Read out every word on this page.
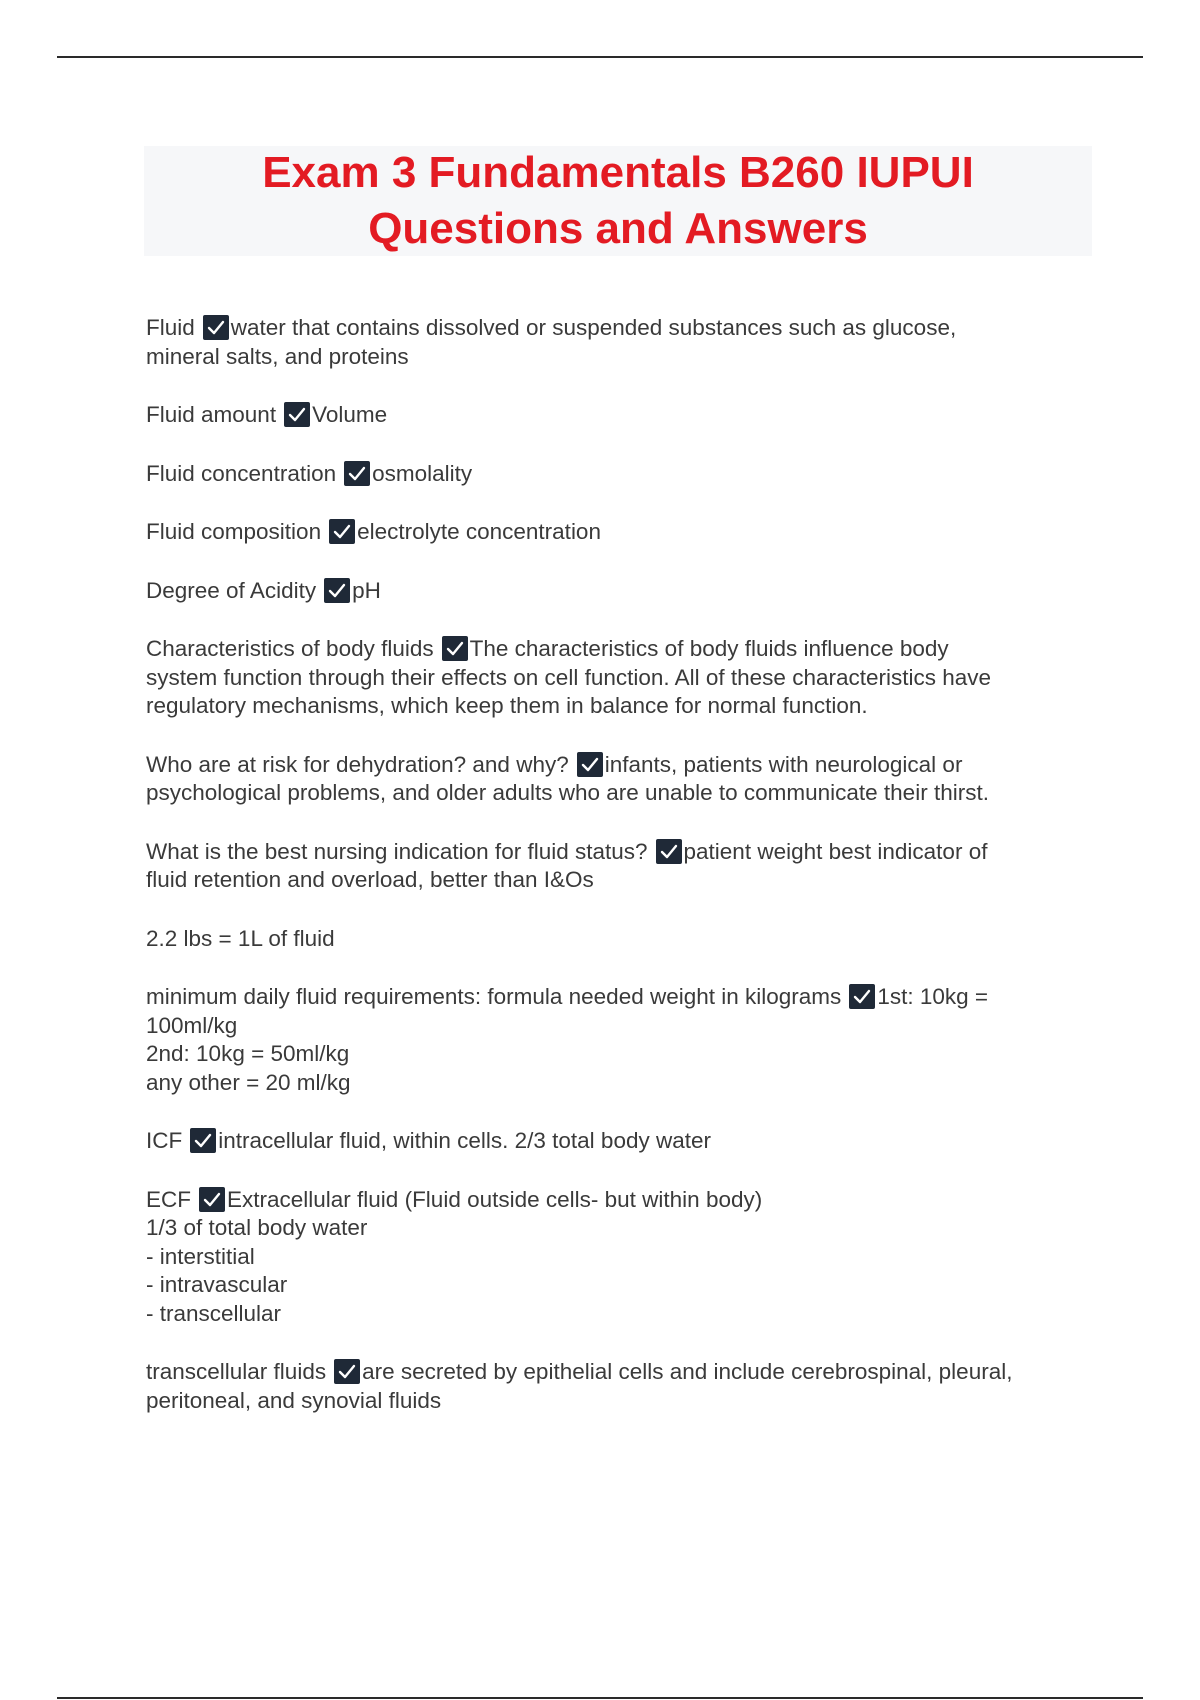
Exam 3 Fundamentals B260 IUPUI
Questions and Answers
Fluid water that contains dissolved or suspended substances such as glucose,
mineral salts, and proteins
Fluid amount Volume
Fluid concentration osmolality
Fluid composition electrolyte concentration
Degree of Acidity pH
Characteristics of body fluids The characteristics of body fluids influence body
system function through their effects on cell function. All of these characteristics have
regulatory mechanisms, which keep them in balance for normal function.
Who are at risk for dehydration? and why? infants, patients with neurological or
psychological problems, and older adults who are unable to communicate their thirst.
What is the best nursing indication for fluid status? patient weight best indicator of
fluid retention and overload, better than I&Os
2.2 lbs = 1L of fluid
minimum daily fluid requirements: formula needed weight in kilograms 1st: 10kg =
100ml/kg
2nd: 10kg = 50ml/kg
any other = 20 ml/kg
ICF intracellular fluid, within cells. 2/3 total body water
ECF Extracellular fluid (Fluid outside cells- but within body)
1/3 of total body water
- interstitial
- intravascular
- transcellular
transcellular fluids are secreted by epithelial cells and include cerebrospinal, pleural,
peritoneal, and synovial fluids
